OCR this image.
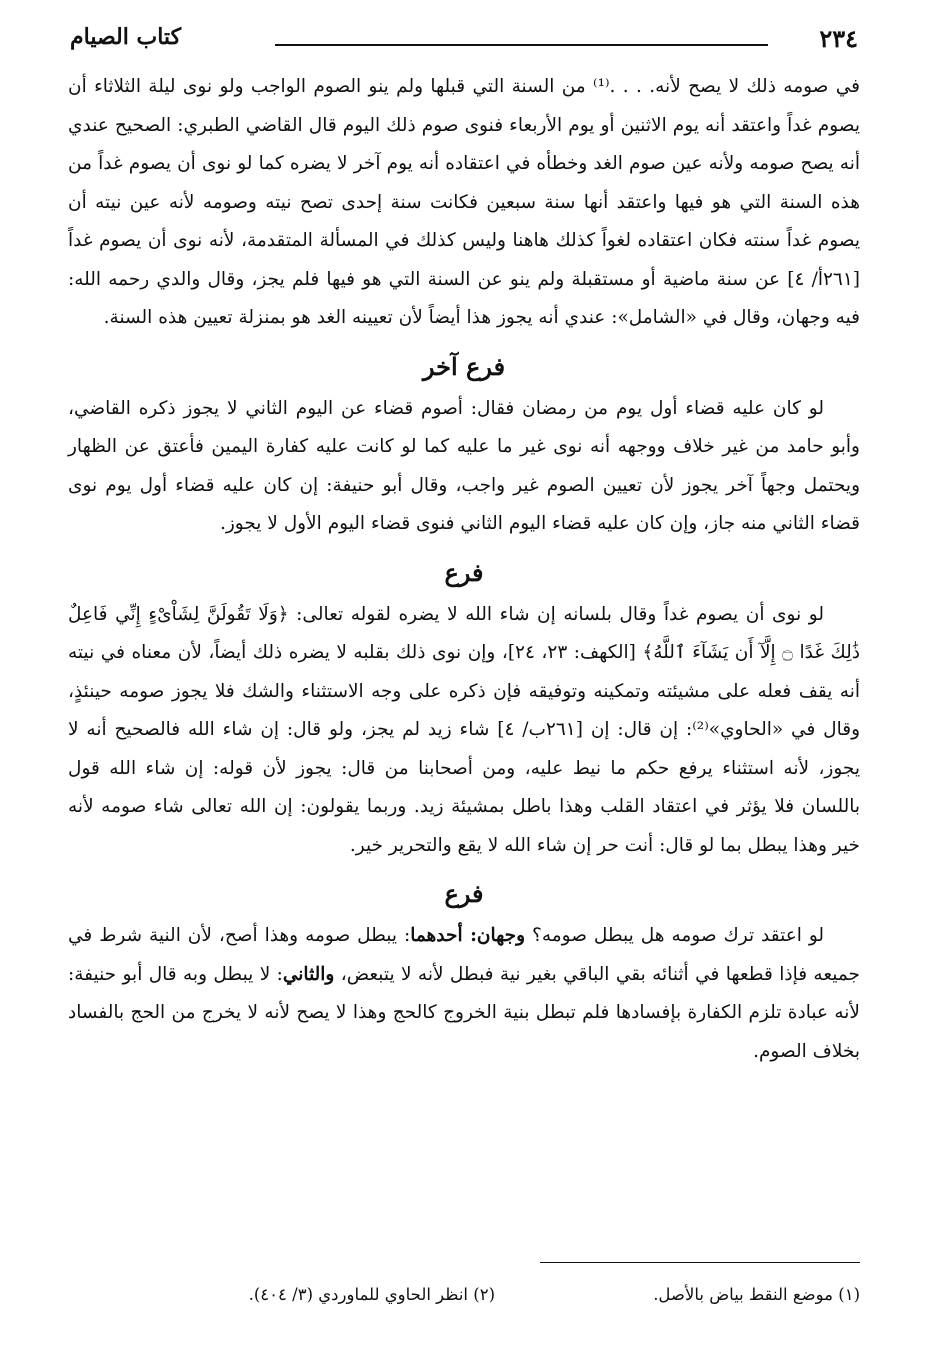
٢٣٤
كتاب الصيام

في صومه ذلك لا يصح لأنه. . . .⁽¹⁾ من السنة التي قبلها ولم ينو الصوم الواجب ولو نوى ليلة الثلاثاء أن يصوم غداً واعتقد أنه يوم الاثنين أو يوم الأربعاء فنوى صوم ذلك اليوم قال القاضي الطبري: الصحيح عندي أنه يصح صومه ولأنه عين صوم الغد وخطأه في اعتقاده أنه يوم آخر لا يضره كما لو نوى أن يصوم غداً من هذه السنة التي هو فيها واعتقد أنها سنة سبعين فكانت سنة إحدى تصح نيته وصومه لأنه عين نيته أن يصوم غداً سنته فكان اعتقاده لغواً كذلك هاهنا وليس كذلك في المسألة المتقدمة، لأنه نوى أن يصوم غداً [٢٦١أ/ ٤] عن سنة ماضية أو مستقبلة ولم ينو عن السنة التي هو فيها فلم يجز، وقال والدي رحمه الله: فيه وجهان، وقال في «الشامل»: عندي أنه يجوز هذا أيضاً لأن تعيينه الغد هو بمنزلة تعيين هذه السنة.

فرع آخر

لو كان عليه قضاء أول يوم من رمضان فقال: أصوم قضاء عن اليوم الثاني لا يجوز ذكره القاضي، وأبو حامد من غير خلاف ووجهه أنه نوى غير ما عليه كما لو كانت عليه كفارة اليمين فأعتق عن الظهار ويحتمل وجهاً آخر يجوز لأن تعيين الصوم غير واجب، وقال أبو حنيفة: إن كان عليه قضاء أول يوم نوى قضاء الثاني منه جاز، وإن كان عليه قضاء اليوم الثاني فنوى قضاء اليوم الأول لا يجوز.

فرع

لو نوى أن يصوم غداً وقال بلسانه إن شاء الله لا يضره لقوله تعالى: ﴿وَلَا تَقُولَنَّ لِشَاْىْءٍ إِنِّي فَاعِلٌ ذَٰلِكَ غَدًا ۝ إِلَّآ أَن يَشَآءَ ٱللَّهُ﴾ [الكهف: ٢٣، ٢٤]، وإن نوى ذلك بقلبه لا يضره ذلك أيضاً، لأن معناه في نيته أنه يقف فعله على مشيئته وتمكينه وتوفيقه فإن ذكره على وجه الاستثناء والشك فلا يجوز صومه حينئذٍ، وقال في «الحاوي»⁽²⁾: إن قال: إن [٢٦١ب/ ٤] شاء زيد لم يجز، ولو قال: إن شاء الله فالصحيح أنه لا يجوز، لأنه استثناء يرفع حكم ما نيط عليه، ومن أصحابنا من قال: يجوز لأن قوله: إن شاء الله قول باللسان فلا يؤثر في اعتقاد القلب وهذا باطل بمشيئة زيد. وربما يقولون: إن الله تعالى شاء صومه لأنه خير وهذا يبطل بما لو قال: أنت حر إن شاء الله لا يقع والتحرير خير.

فرع

لو اعتقد ترك صومه هل يبطل صومه؟ وجهان: أحدهما: يبطل صومه وهذا أصح، لأن النية شرط في جميعه فإذا قطعها في أثنائه بقي الباقي بغير نية فبطل لأنه لا يتبعض، والثاني: لا يبطل وبه قال أبو حنيفة: لأنه عبادة تلزم الكفارة بإفسادها فلم تبطل بنية الخروج كالحج وهذا لا يصح لأنه لا يخرج من الحج بالفساد بخلاف الصوم.

(١) موضع النقط بياض بالأصل.
(٢) انظر الحاوي للماوردي (٣/ ٤٠٤).
